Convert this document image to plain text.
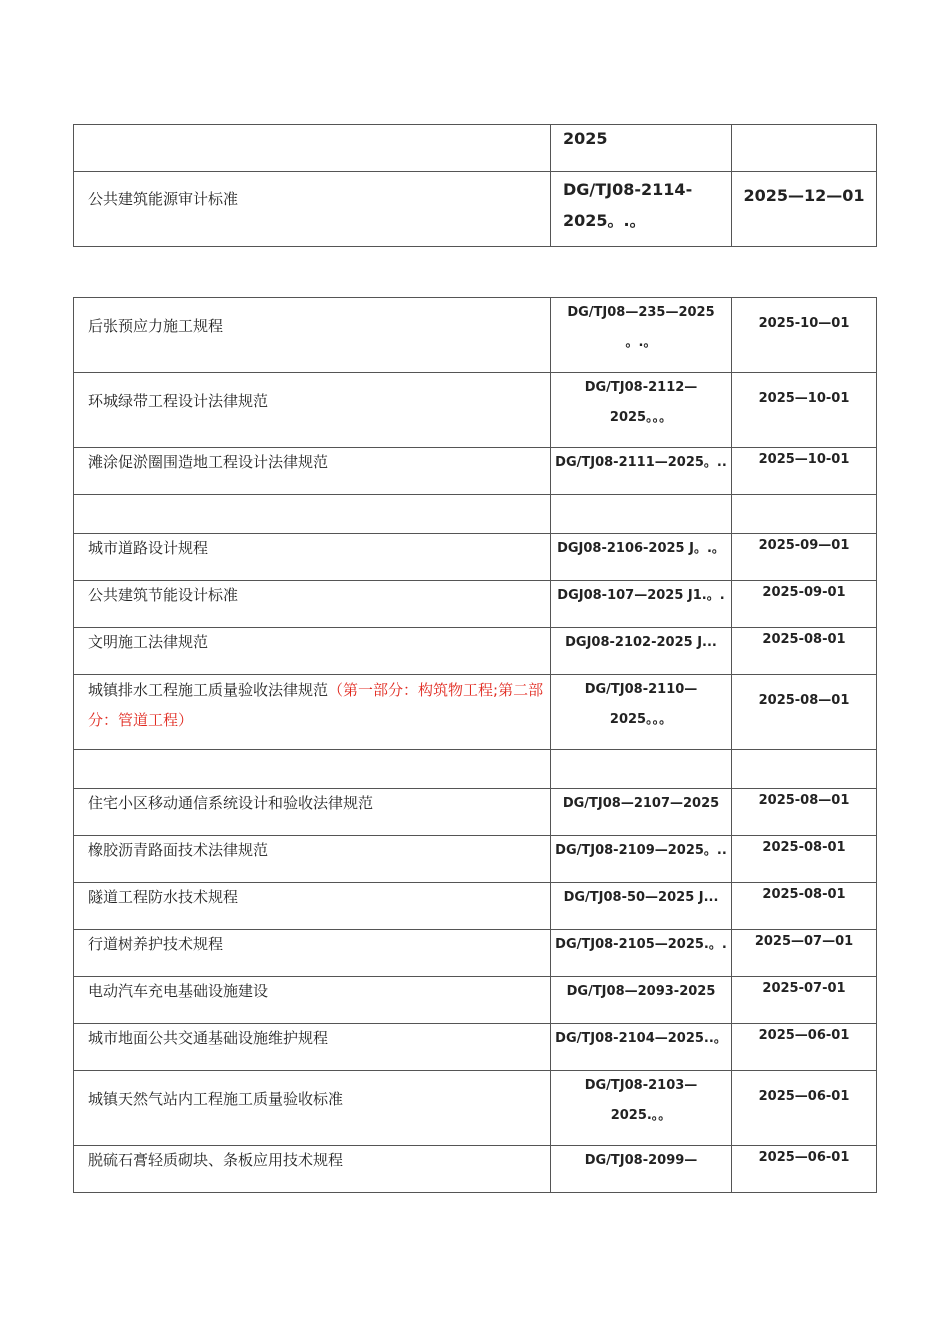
	2025	

公共建筑能源审计标准	DG/TJ08-2114-
2025。.。	2025—12—01
后张预应力施工规程	DG/TJ08—235—2025
。.。	2025-10—01

环城绿带工程设计法律规范	DG/TJ08-2112—
2025。。。	2025—10-01

滩涂促淤圈围造地工程设计法律规范	DG/TJ08-2111—2025。..	2025—10-01

城市道路设计规程	DGJ08-2106-2025 J。.。	2025-09—01

公共建筑节能设计标准	DGJ08-107—2025 J1.。.	2025-09-01

文明施工法律规范	DGJ08-2102-2025 J...	2025-08-01

城镇排水工程施工质量验收法律规范（第一部分：构筑物工程;第二部分：管道工程）	DG/TJ08-2110—
2025。。。	2025-08—01

住宅小区移动通信系统设计和验收法律规范	DG/TJ08—2107—2025	2025-08—01

橡胶沥青路面技术法律规范	DG/TJ08-2109—2025。..	2025-08-01

隧道工程防水技术规程	DG/TJ08-50—2025 J...	2025-08-01

行道树养护技术规程	DG/TJ08-2105—2025.。.	2025—07—01

电动汽车充电基础设施建设	DG/TJ08—2093-2025	2025-07-01

城市地面公共交通基础设施维护规程	DG/TJ08-2104—2025..。	2025—06-01

城镇天然气站内工程施工质量验收标准	DG/TJ08-2103—
2025.。。	2025—06-01

脱硫石膏轻质砌块、条板应用技术规程	DG/TJ08-2099—	2025—06-01
